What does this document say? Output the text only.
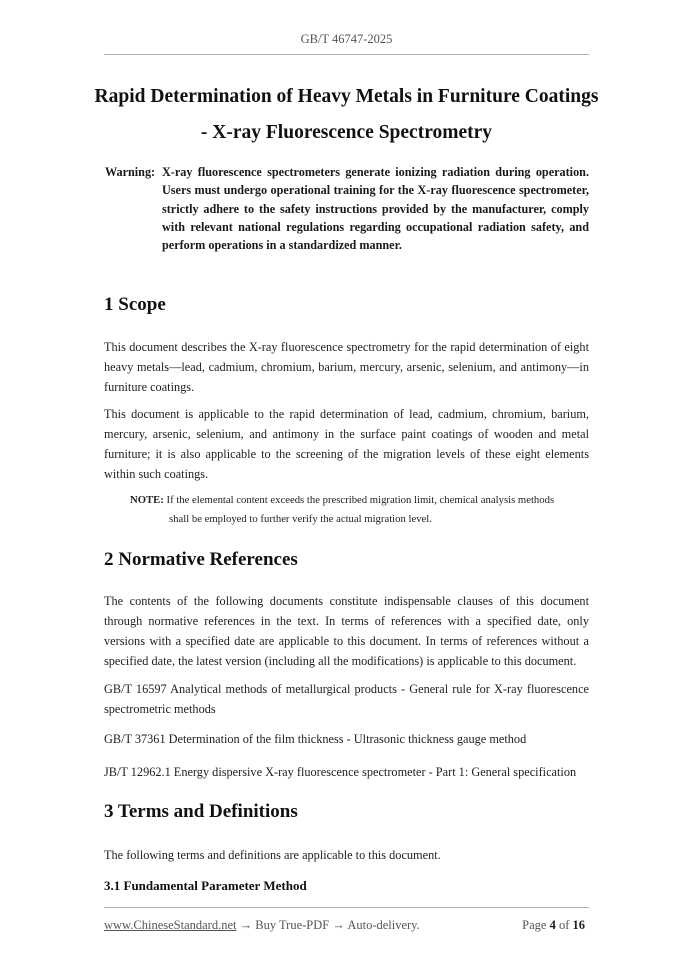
GB/T 46747-2025
Rapid Determination of Heavy Metals in Furniture Coatings
- X-ray Fluorescence Spectrometry
Warning: X-ray fluorescence spectrometers generate ionizing radiation during operation. Users must undergo operational training for the X-ray fluorescence spectrometer, strictly adhere to the safety instructions provided by the manufacturer, comply with relevant national regulations regarding occupational radiation safety, and perform operations in a standardized manner.
1 Scope

This document describes the X-ray fluorescence spectrometry for the rapid determination of eight heavy metals—lead, cadmium, chromium, barium, mercury, arsenic, selenium, and antimony—in furniture coatings.

This document is applicable to the rapid determination of lead, cadmium, chromium, barium, mercury, arsenic, selenium, and antimony in the surface paint coatings of wooden and metal furniture; it is also applicable to the screening of the migration levels of these eight elements within such coatings.

NOTE: If the elemental content exceeds the prescribed migration limit, chemical analysis methods
shall be employed to further verify the actual migration level.
2 Normative References

The contents of the following documents constitute indispensable clauses of this document through normative references in the text. In terms of references with a specified date, only versions with a specified date are applicable to this document. In terms of references without a specified date, the latest version (including all the modifications) is applicable to this document.

GB/T 16597 Analytical methods of metallurgical products - General rule for X-ray fluorescence spectrometric methods

GB/T 37361 Determination of the film thickness - Ultrasonic thickness gauge method

JB/T 12962.1 Energy dispersive X-ray fluorescence spectrometer - Part 1: General specification

3 Terms and Definitions

The following terms and definitions are applicable to this document.

3.1 Fundamental Parameter Method
www.ChineseStandard.net → Buy True-PDF → Auto-delivery.	Page 4 of 16
